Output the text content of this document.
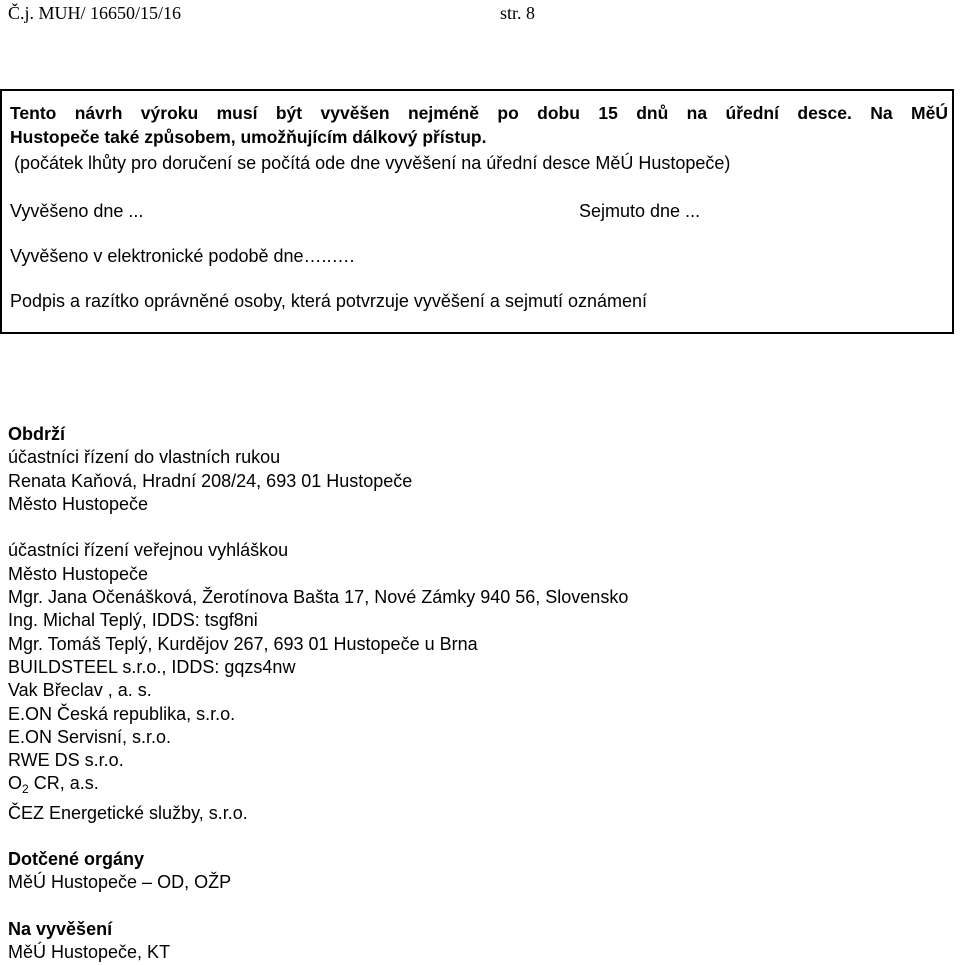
Č.j. MUH/ 16650/15/16	str. 8
Tento návrh výroku musí být vyvěšen nejméně po dobu 15 dnů na úřední desce. Na MěÚ
Hustopeče také způsobem, umožňujícím dálkový přístup.
(počátek lhůty pro doručení se počítá ode dne vyvěšení na úřední desce MěÚ Hustopeče)
Vyvěšeno dne ...	Sejmuto dne ...
Vyvěšeno v elektronické podobě dne…..….
Podpis a razítko oprávněné osoby, která potvrzuje vyvěšení a sejmutí oznámení
Obdrží
účastníci řízení do vlastních rukou
Renata Kaňová, Hradní 208/24, 693 01 Hustopeče
Město Hustopeče
účastníci řízení veřejnou vyhláškou
Město Hustopeče
Mgr. Jana Očenášková, Žerotínova Bašta 17, Nové Zámky 940 56, Slovensko
Ing. Michal Teplý, IDDS: tsgf8ni
Mgr. Tomáš Teplý, Kurdějov 267, 693 01 Hustopeče u Brna
BUILDSTEEL s.r.o., IDDS: gqzs4nw
Vak Břeclav , a. s.
E.ON Česká republika, s.r.o.
E.ON Servisní, s.r.o.
RWE DS s.r.o.
$O_2$ CR, a.s.
ČEZ Energetické služby, s.r.o.
Dotčené orgány
MěÚ Hustopeče – OD, OŽP
Na vyvěšení
MěÚ Hustopeče, KT
